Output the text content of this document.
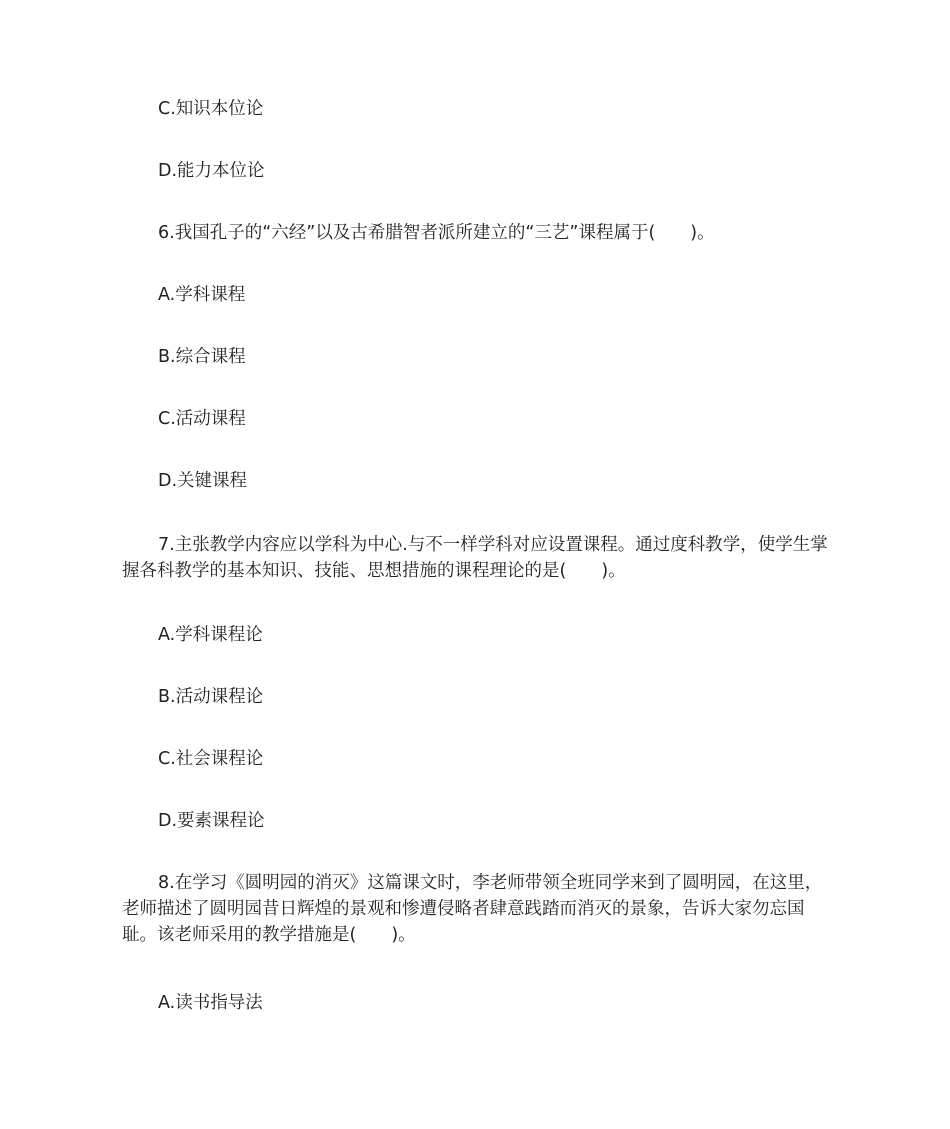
C.知识本位论
D.能力本位论
6.我国孔子的“六经”以及古希腊智者派所建立的“三艺”课程属于(　　)。
A.学科课程
B.综合课程
C.活动课程
D.关键课程
7.主张教学内容应以学科为中心.与不一样学科对应设置课程。通过度科教学，使学生掌握各科教学的基本知识、技能、思想措施的课程理论的是(　　)。
A.学科课程论
B.活动课程论
C.社会课程论
D.要素课程论
8.在学习《圆明园的消灭》这篇课文时，李老师带领全班同学来到了圆明园，在这里，老师描述了圆明园昔日辉煌的景观和惨遭侵略者肆意践踏而消灭的景象，告诉大家勿忘国耻。该老师采用的教学措施是(　　)。
A.读书指导法
